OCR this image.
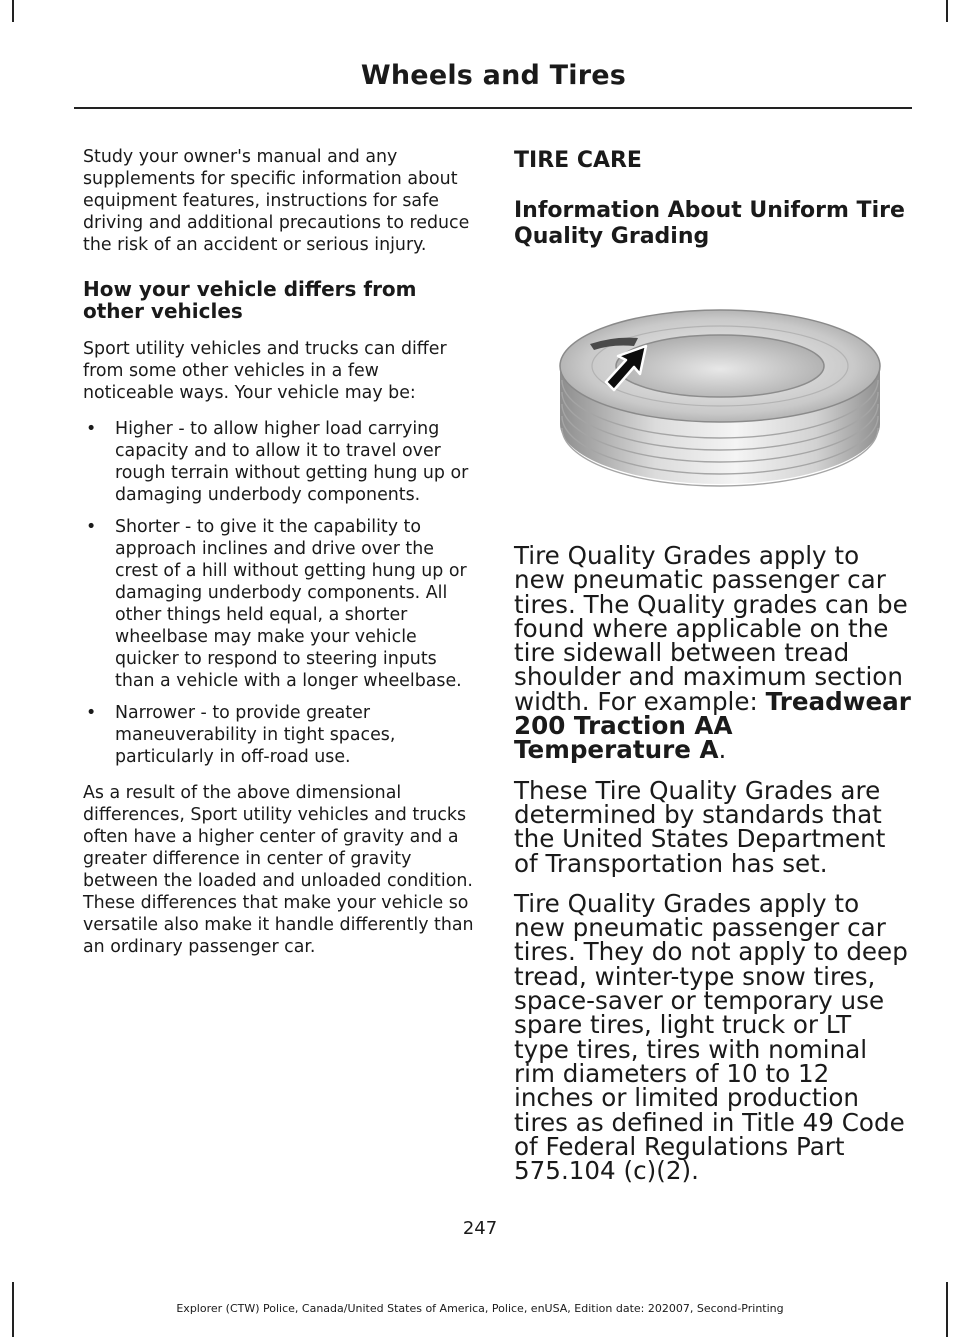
Wheels and Tires

Study your owner's manual and any supplements for specific information about equipment features, instructions for safe driving and additional precautions to reduce the risk of an accident or serious injury.

How your vehicle differs from other vehicles

Sport utility vehicles and trucks can differ from some other vehicles in a few noticeable ways. Your vehicle may be:

• Higher - to allow higher load carrying capacity and to allow it to travel over rough terrain without getting hung up or damaging underbody components.
• Shorter - to give it the capability to approach inclines and drive over the crest of a hill without getting hung up or damaging underbody components. All other things held equal, a shorter wheelbase may make your vehicle quicker to respond to steering inputs than a vehicle with a longer wheelbase.
• Narrower - to provide greater maneuverability in tight spaces, particularly in off-road use.

As a result of the above dimensional differences, Sport utility vehicles and trucks often have a higher center of gravity and a greater difference in center of gravity between the loaded and unloaded condition. These differences that make your vehicle so versatile also make it handle differently than an ordinary passenger car.

TIRE CARE
Information About Uniform Tire Quality Grading

Tire Quality Grades apply to new pneumatic passenger car tires. The Quality grades can be found where applicable on the tire sidewall between tread shoulder and maximum section width. For example: Treadwear 200 Traction AA Temperature A.

These Tire Quality Grades are determined by standards that the United States Department of Transportation has set.

Tire Quality Grades apply to new pneumatic passenger car tires. They do not apply to deep tread, winter-type snow tires, space-saver or temporary use spare tires, light truck or LT type tires, tires with nominal rim diameters of 10 to 12 inches or limited production tires as defined in Title 49 Code of Federal Regulations Part 575.104 (c)(2).

247
Explorer (CTW) Police, Canada/United States of America, Police, enUSA, Edition date: 202007, Second-Printing
